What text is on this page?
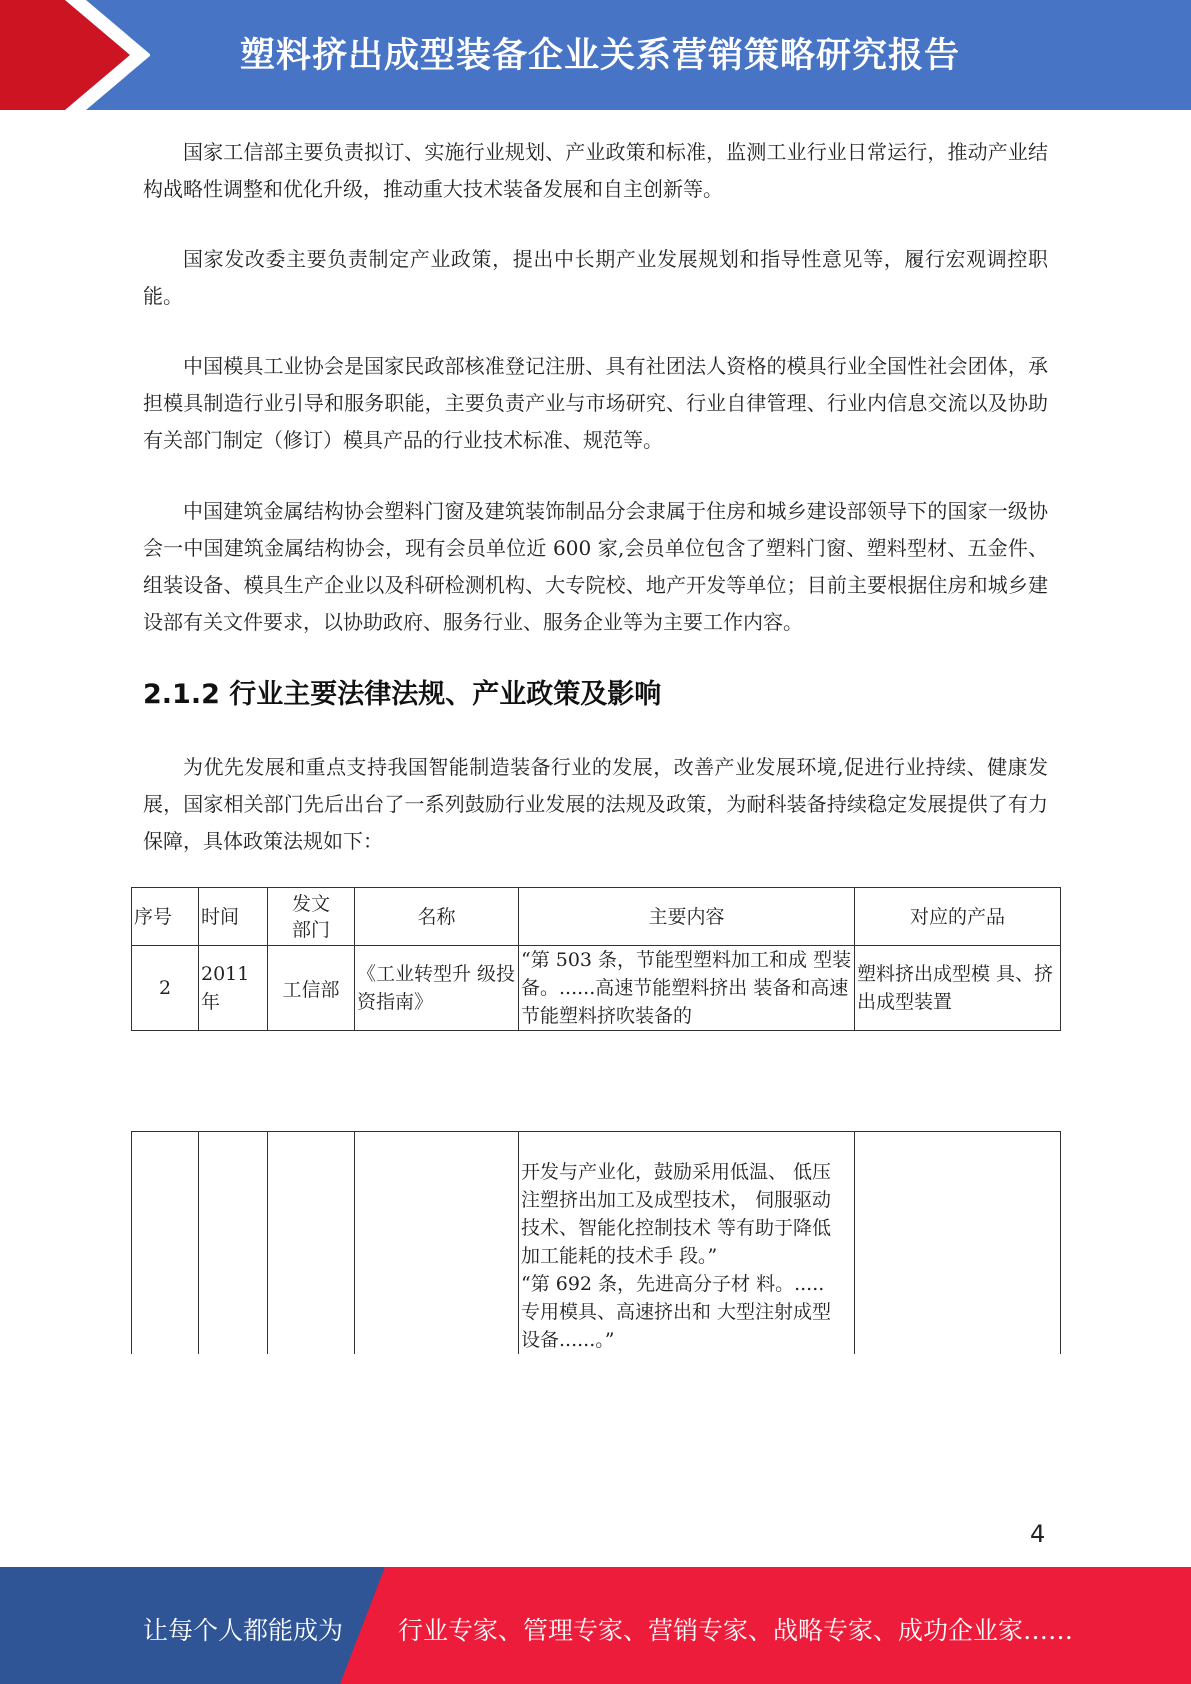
塑料挤出成型装备企业关系营销策略研究报告

国家工信部主要负责拟订、实施行业规划、产业政策和标准，监测工业行业日常运行，推动产业结构战略性调整和优化升级，推动重大技术装备发展和自主创新等。

国家发改委主要负责制定产业政策，提出中长期产业发展规划和指导性意见等，履行宏观调控职能。

中国模具工业协会是国家民政部核准登记注册、具有社团法人资格的模具行业全国性社会团体，承担模具制造行业引导和服务职能，主要负责产业与市场研究、行业自律管理、行业内信息交流以及协助有关部门制定（修订）模具产品的行业技术标准、规范等。

中国建筑金属结构协会塑料门窗及建筑装饰制品分会隶属于住房和城乡建设部领导下的国家一级协会一中国建筑金属结构协会，现有会员单位近 600 家,会员单位包含了塑料门窗、塑料型材、五金件、组装设备、模具生产企业以及科研检测机构、大专院校、地产开发等单位；目前主要根据住房和城乡建设部有关文件要求，以协助政府、服务行业、服务企业等为主要工作内容。

2.1.2 行业主要法律法规、产业政策及影响

为优先发展和重点支持我国智能制造装备行业的发展，改善产业发展环境,促进行业持续、健康发展，国家相关部门先后出台了一系列鼓励行业发展的法规及政策，为耐科装备持续稳定发展提供了有力保障，具体政策法规如下：

序号	时间	发文部门	名称	主要内容	对应的产品
2	2011 年	工信部	《工业转型升 级投资指南》	“第 503 条，节能型塑料加工和成 型装备。......高速节能塑料挤出 装备和高速节能塑料挤吹装备的	塑料挤出成型模 具、挤出成型装置

开发与产业化，鼓励采用低温、 低压
注塑挤出加工及成型技术， 伺服驱动
技术、智能化控制技术 等有助于降低
加工能耗的技术手 段。”
“第 692 条，先进高分子材 料。.....
专用模具、高速挤出和 大型注射成型
设备......。”

4
让每个人都能成为 行业专家、管理专家、营销专家、战略专家、成功企业家……
